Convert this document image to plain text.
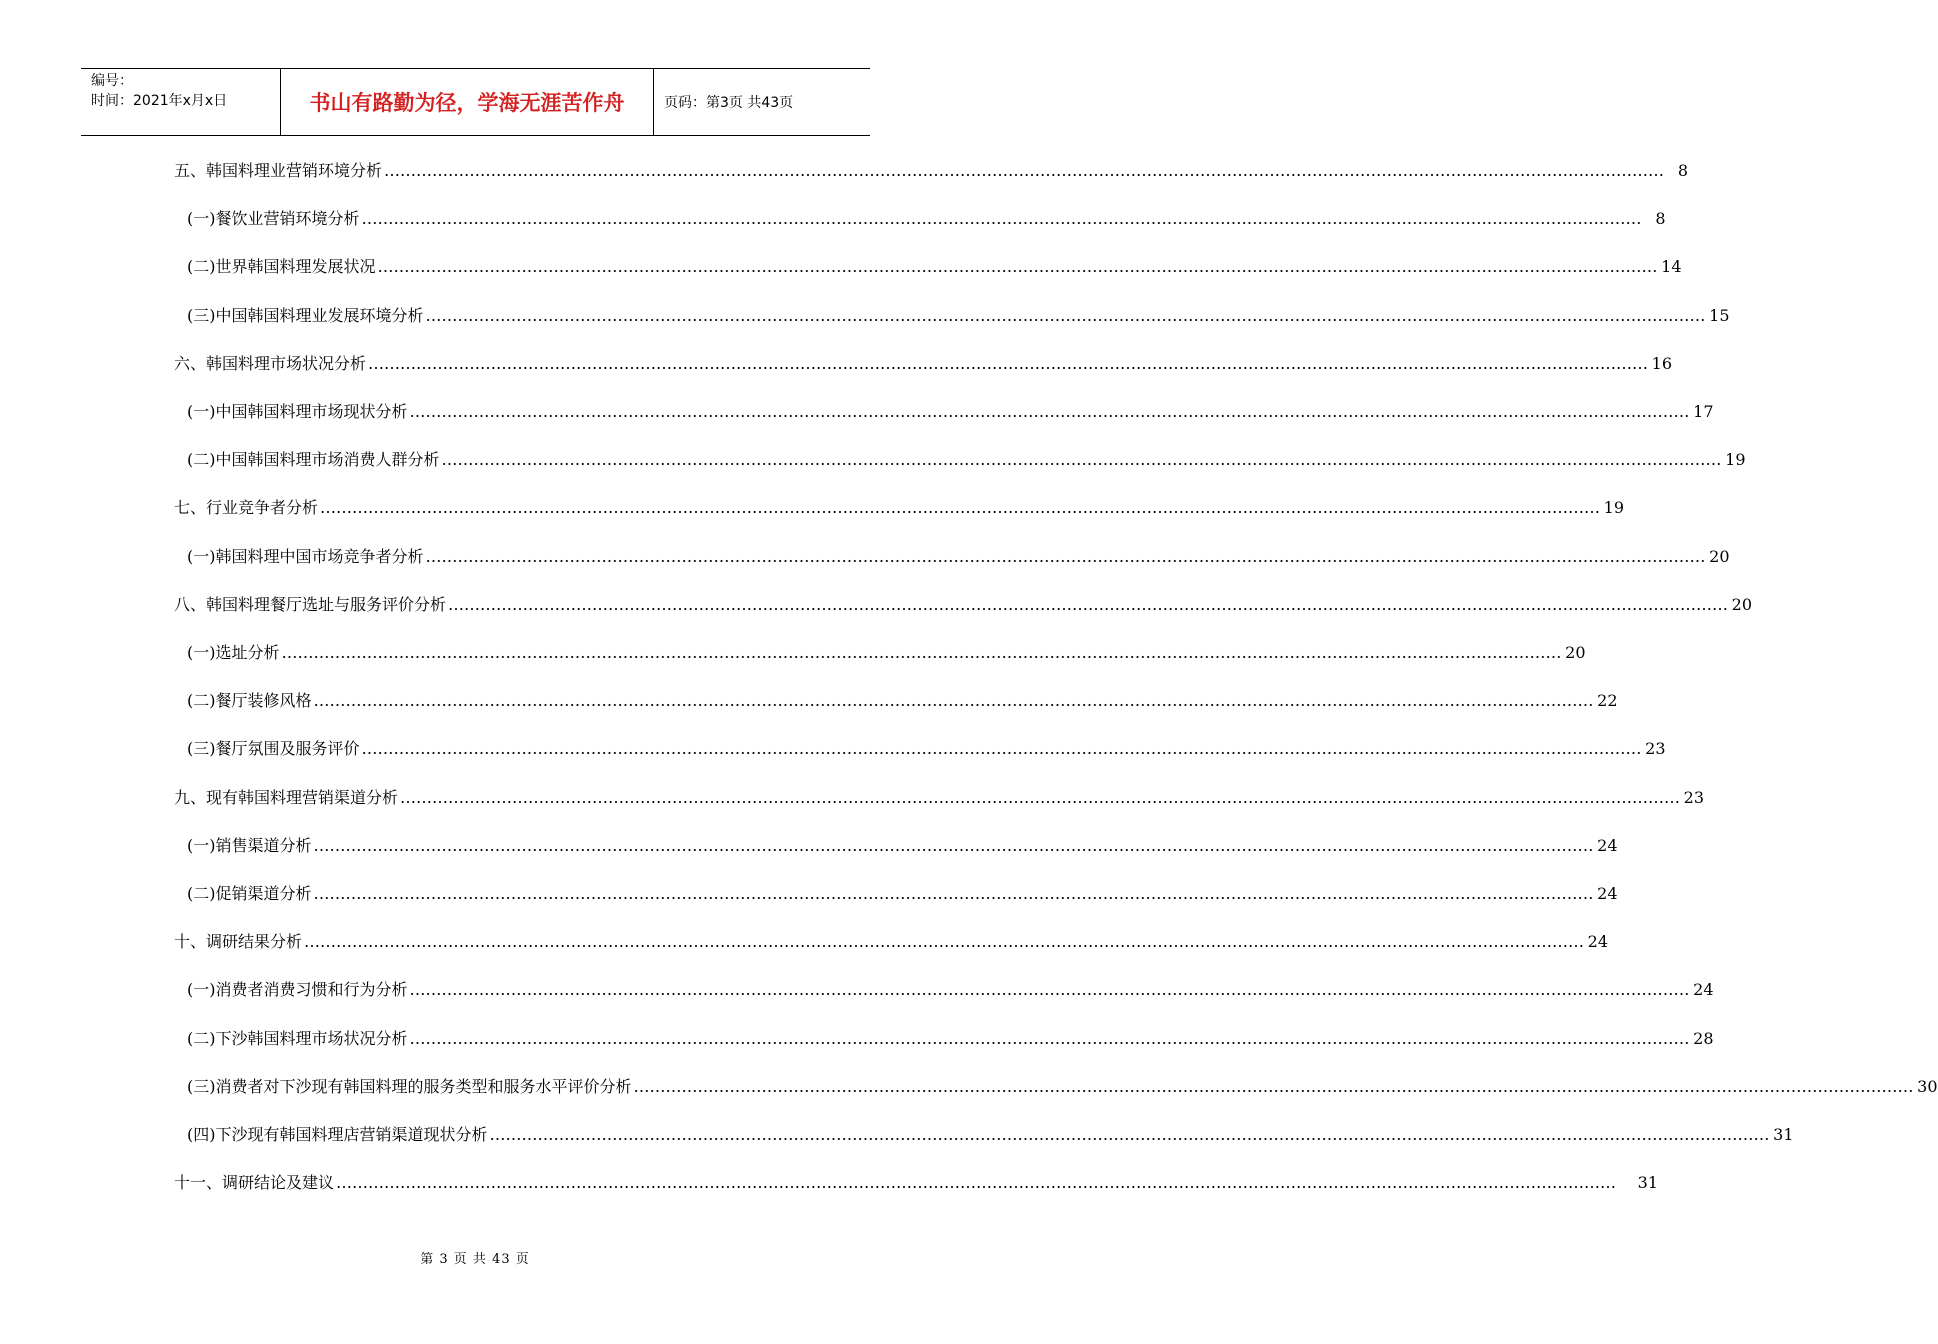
编号：
时间：2021年x月x日	书山有路勤为径，学海无涯苦作舟	页码：第3页 共43页
五、 韩国料理业营销环境分析 …………………………………………………………………………………………………………………………………………………………………………………………………………………… 8
(一)餐饮业营销环境分析 …………………………………………………………………………………………………………………………………………………………………………………………………………………… 8
(二)世界韩国料理发展状况 …………………………………………………………………………………………………………………………………………………………………………………………………………………… 14
(三)中国韩国料理业发展环境分析 …………………………………………………………………………………………………………………………………………………………………………………………………………………… 15
六、 韩国料理市场状况分析 …………………………………………………………………………………………………………………………………………………………………………………………………………………… 16
(一)中国韩国料理市场现状分析 …………………………………………………………………………………………………………………………………………………………………………………………………………………… 17
(二)中国韩国料理市场消费人群分析 …………………………………………………………………………………………………………………………………………………………………………………………………………………… 19
七、 行业竞争者分析 …………………………………………………………………………………………………………………………………………………………………………………………………………………… 19
(一)韩国料理中国市场竞争者分析 …………………………………………………………………………………………………………………………………………………………………………………………………………………… 20
八、 韩国料理餐厅选址与服务评价分析 …………………………………………………………………………………………………………………………………………………………………………………………………………………… 20
(一)选址分析 …………………………………………………………………………………………………………………………………………………………………………………………………………………… 20
(二)餐厅装修风格 …………………………………………………………………………………………………………………………………………………………………………………………………………………… 22
(三)餐厅氛围及服务评价 …………………………………………………………………………………………………………………………………………………………………………………………………………………… 23
九、 现有韩国料理营销渠道分析 …………………………………………………………………………………………………………………………………………………………………………………………………………………… 23
(一)销售渠道分析 …………………………………………………………………………………………………………………………………………………………………………………………………………………… 24
(二)促销渠道分析 …………………………………………………………………………………………………………………………………………………………………………………………………………………… 24
十、 调研结果分析 …………………………………………………………………………………………………………………………………………………………………………………………………………………… 24
(一)消费者消费习惯和行为分析 …………………………………………………………………………………………………………………………………………………………………………………………………………………… 24
(二)下沙韩国料理市场状况分析 …………………………………………………………………………………………………………………………………………………………………………………………………………………… 28
(三)消费者对下沙现有韩国料理的服务类型和服务水平评价分析 …………………………………………………………………………………………………………………………………………………………………………………………………………………… 30
(四)下沙现有韩国料理店营销渠道现状分析 …………………………………………………………………………………………………………………………………………………………………………………………………………………… 31
十一、 调研结论及建议 …………………………………………………………………………………………………………………………………………………………………………………………………………………… 31
第 3 页 共 43 页
